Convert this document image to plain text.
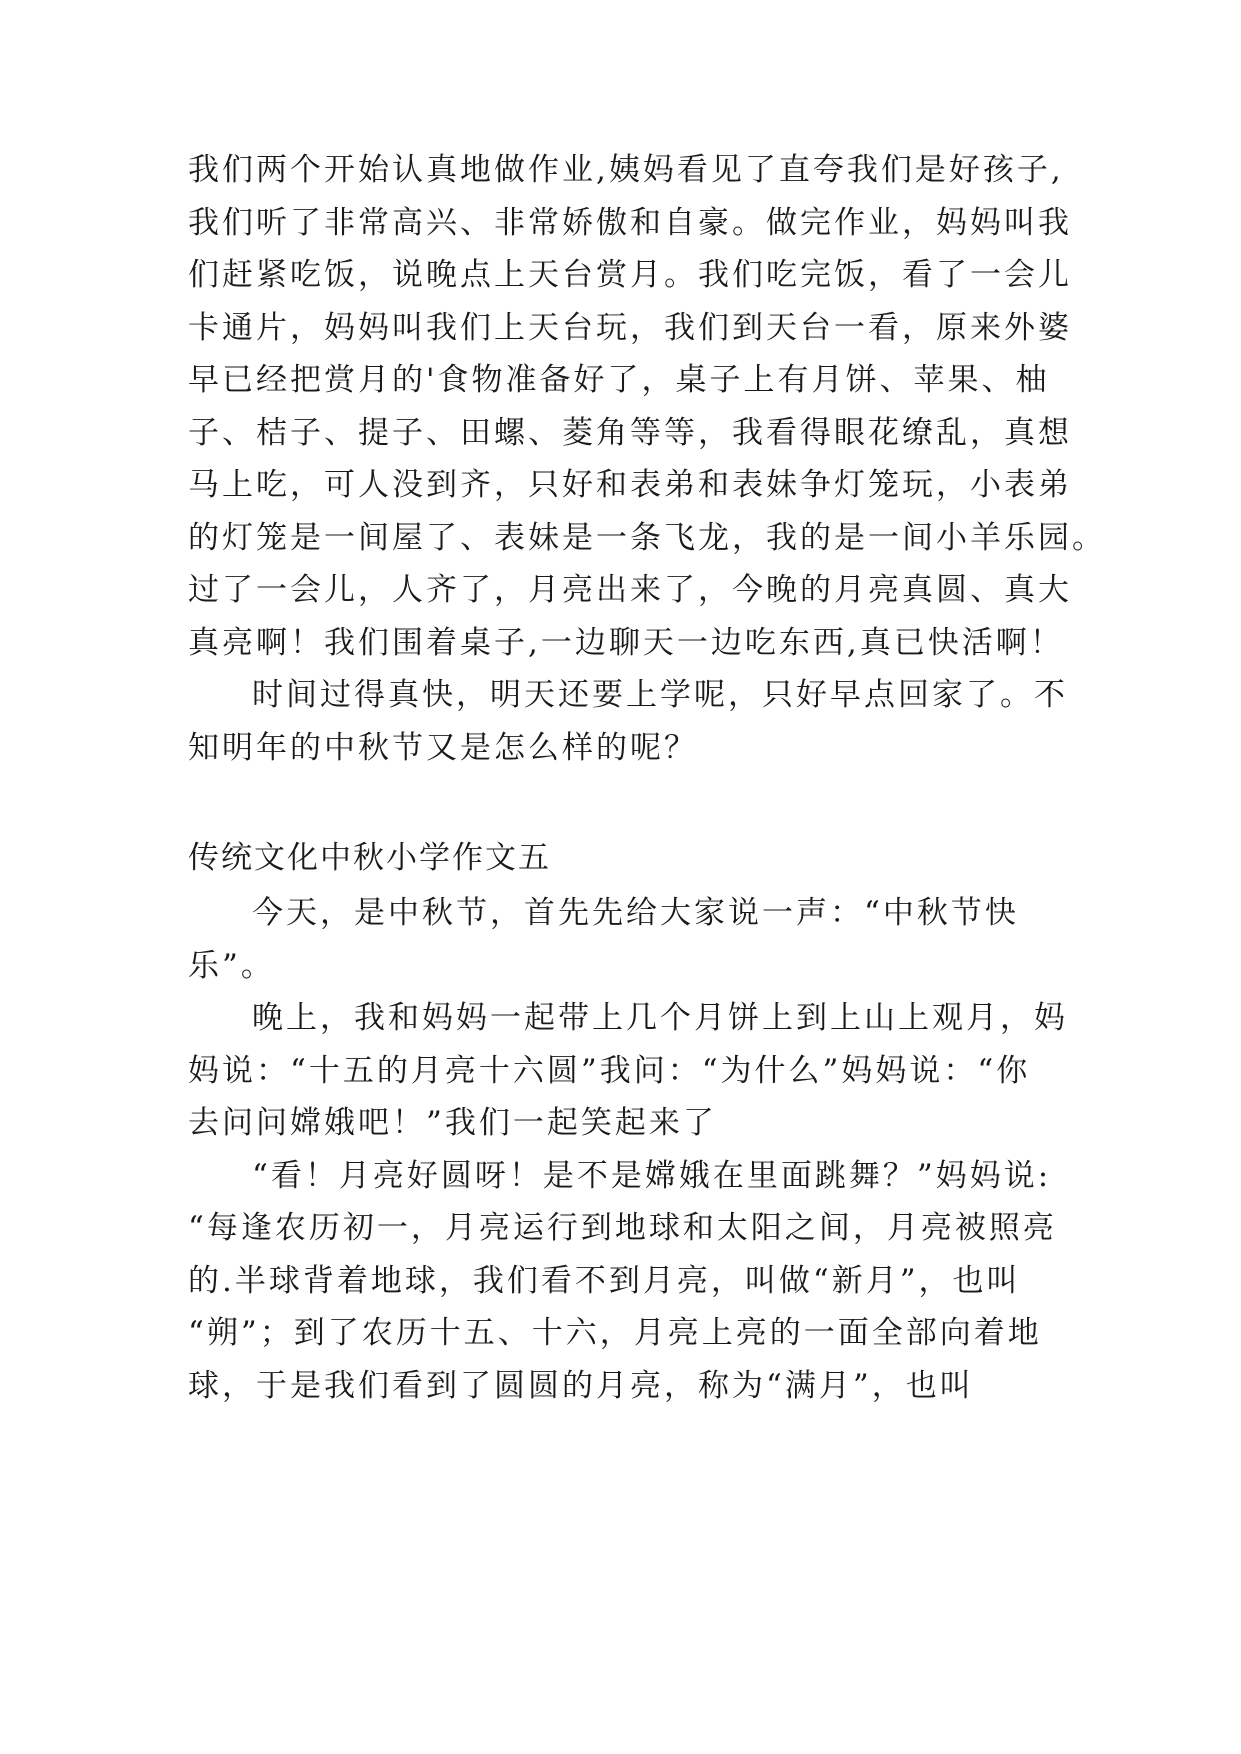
我们两个开始认真地做作业,姨妈看见了直夸我们是好孩子,

我们听了非常高兴、非常娇傲和自豪。做完作业，妈妈叫我

们赶紧吃饭，说晚点上天台赏月。我们吃完饭，看了一会儿

卡通片，妈妈叫我们上天台玩，我们到天台一看，原来外婆

早已经把赏月的'食物准备好了，桌子上有月饼、苹果、柚

子、桔子、提子、田螺、菱角等等，我看得眼花缭乱，真想

马上吃，可人没到齐，只好和表弟和表妹争灯笼玩，小表弟

的灯笼是一间屋了、表妹是一条飞龙，我的是一间小羊乐园。

过了一会儿，人齐了，月亮出来了，今晚的月亮真圆、真大

真亮啊！我们围着桌子,一边聊天一边吃东西,真已快活啊！

时间过得真快，明天还要上学呢，只好早点回家了。不

知明年的中秋节又是怎么样的呢？

传统文化中秋小学作文五

今天，是中秋节，首先先给大家说一声：“中秋节快

乐”。

晚上，我和妈妈一起带上几个月饼上到上山上观月，妈

妈说：“十五的月亮十六圆”我问：“为什么”妈妈说：“你

去问问嫦娥吧！”我们一起笑起来了

“看！月亮好圆呀！是不是嫦娥在里面跳舞？”妈妈说:

“每逢农历初一，月亮运行到地球和太阳之间，月亮被照亮

的.半球背着地球，我们看不到月亮，叫做“新月”，也叫

“朔”；到了农历十五、十六，月亮上亮的一面全部向着地

球，于是我们看到了圆圆的月亮，称为“满月”，也叫
